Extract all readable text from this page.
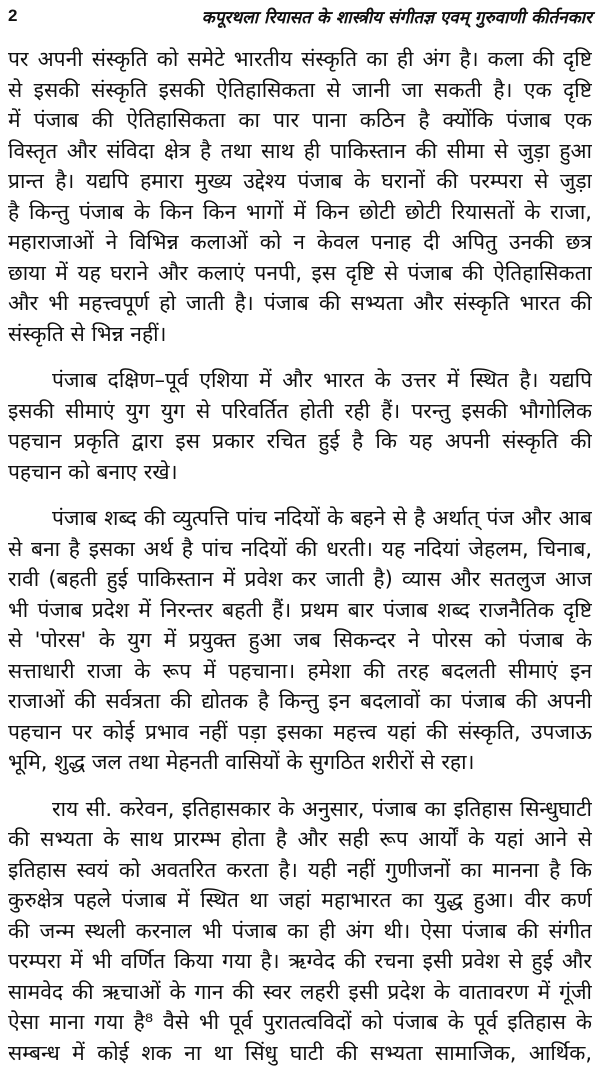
2	कपूरथला रियासत के शास्त्रीय संगीतज्ञ एवम् गुरुवाणी कीर्तनकार
पर अपनी संस्कृति को समेटे भारतीय संस्कृति का ही अंग है। कला की दृष्टि
से इसकी संस्कृति इसकी ऐतिहासिकता से जानी जा सकती है। एक दृष्टि
में पंजाब की ऐतिहासिकता का पार पाना कठिन है क्योंकि पंजाब एक
विस्तृत और संविदा क्षेत्र है तथा साथ ही पाकिस्तान की सीमा से जुड़ा हुआ
प्रान्त है। यद्यपि हमारा मुख्य उद्देश्य पंजाब के घरानों की परम्परा से जुड़ा
है किन्तु पंजाब के किन किन भागों में किन छोटी छोटी रियासतों के राजा,
महाराजाओं ने विभिन्न कलाओं को न केवल पनाह दी अपितु उनकी छत्र
छाया में यह घराने और कलाएं पनपी, इस दृष्टि से पंजाब की ऐतिहासिकता
और भी महत्त्वपूर्ण हो जाती है। पंजाब की सभ्यता और संस्कृति भारत की
संस्कृति से भिन्न नहीं।
पंजाब दक्षिण–पूर्व एशिया में और भारत के उत्तर में स्थित है। यद्यपि
इसकी सीमाएं युग युग से परिवर्तित होती रही हैं। परन्तु इसकी भौगोलिक
पहचान प्रकृति द्वारा इस प्रकार रचित हुई है कि यह अपनी संस्कृति की
पहचान को बनाए रखे।
पंजाब शब्द की व्युत्पत्ति पांच नदियों के बहने से है अर्थात् पंज और आब
से बना है इसका अर्थ है पांच नदियों की धरती। यह नदियां जेहलम, चिनाब,
रावी (बहती हुई पाकिस्तान में प्रवेश कर जाती है) व्यास और सतलुज आज
भी पंजाब प्रदेश में निरन्तर बहती हैं। प्रथम बार पंजाब शब्द राजनैतिक दृष्टि
से 'पोरस' के युग में प्रयुक्त हुआ जब सिकन्दर ने पोरस को पंजाब के
सत्ताधारी राजा के रूप में पहचाना। हमेशा की तरह बदलती सीमाएं इन
राजाओं की सर्वत्रता की द्योतक है किन्तु इन बदलावों का पंजाब की अपनी
पहचान पर कोई प्रभाव नहीं पड़ा इसका महत्त्व यहां की संस्कृति, उपजाऊ
भूमि, शुद्ध जल तथा मेहनती वासियों के सुगठित शरीरों से रहा।
राय सी. करेवन, इतिहासकार के अनुसार, पंजाब का इतिहास सिन्धुघाटी
की सभ्यता के साथ प्रारम्भ होता है और सही रूप आर्यों के यहां आने से
इतिहास स्वयं को अवतरित करता है। यही नहीं गुणीजनों का मानना है कि
कुरुक्षेत्र पहले पंजाब में स्थित था जहां महाभारत का युद्ध हुआ। वीर कर्ण
की जन्म स्थली करनाल भी पंजाब का ही अंग थी। ऐसा पंजाब की संगीत
परम्परा में भी वर्णित किया गया है। ऋग्वेद की रचना इसी प्रवेश से हुई और
सामवेद की ऋचाओं के गान की स्वर लहरी इसी प्रदेश के वातावरण में गूंजी
ऐसा माना गया है⁸ वैसे भी पूर्व पुरातत्वविदों को पंजाब के पूर्व इतिहास के
सम्बन्ध में कोई शक ना था सिंधु घाटी की सभ्यता सामाजिक, आर्थिक,
